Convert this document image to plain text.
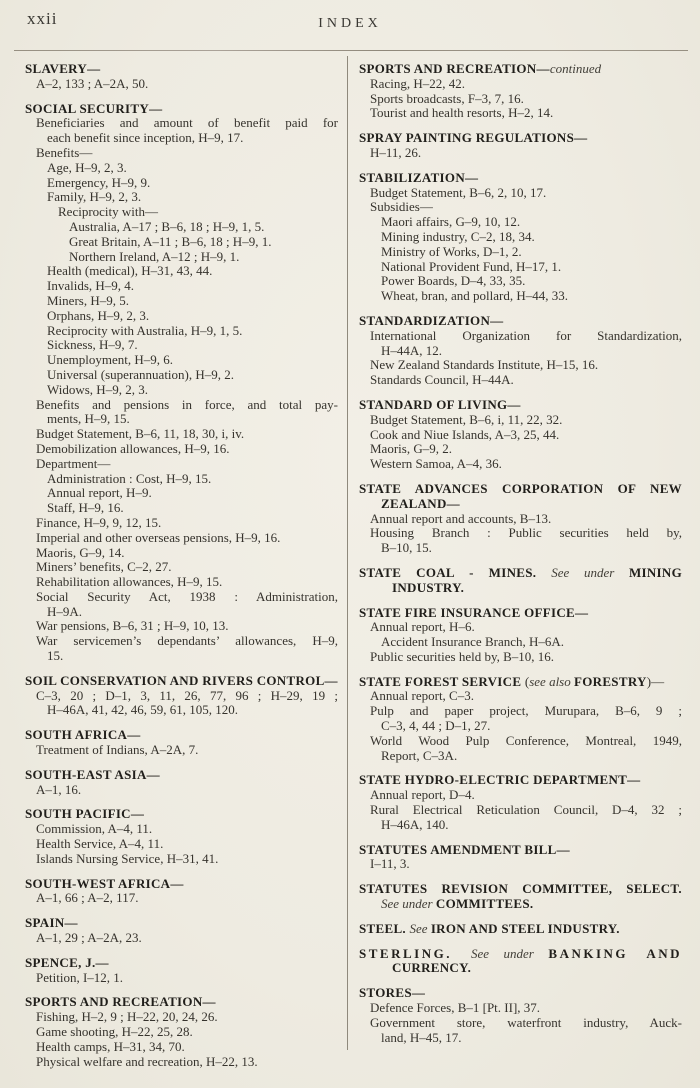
xxii	INDEX
SLAVERY—
A–2, 133 ; A–2A, 50.
SOCIAL SECURITY—
Beneficiaries and amount of benefit paid for
each benefit since inception, H–9, 17.
Benefits—
Age, H–9, 2, 3.
Emergency, H–9, 9.
Family, H–9, 2, 3.
Reciprocity with—
Australia, A–17 ; B–6, 18 ; H–9, 1, 5.
Great Britain, A–11 ; B–6, 18 ; H–9, 1.
Northern Ireland, A–12 ; H–9, 1.
Health (medical), H–31, 43, 44.
Invalids, H–9, 4.
Miners, H–9, 5.
Orphans, H–9, 2, 3.
Reciprocity with Australia, H–9, 1, 5.
Sickness, H–9, 7.
Unemployment, H–9, 6.
Universal (superannuation), H–9, 2.
Widows, H–9, 2, 3.
Benefits and pensions in force, and total pay-
ments, H–9, 15.
Budget Statement, B–6, 11, 18, 30, i, iv.
Demobilization allowances, H–9, 16.
Department—
Administration : Cost, H–9, 15.
Annual report, H–9.
Staff, H–9, 16.
Finance, H–9, 9, 12, 15.
Imperial and other overseas pensions, H–9, 16.
Maoris, G–9, 14.
Miners’ benefits, C–2, 27.
Rehabilitation allowances, H–9, 15.
Social Security Act, 1938 : Administration,
H–9A.
War pensions, B–6, 31 ; H–9, 10, 13.
War servicemen’s dependants’ allowances, H–9,
15.
SOIL CONSERVATION AND RIVERS CONTROL—
C–3, 20 ; D–1, 3, 11, 26, 77, 96 ; H–29, 19 ;
H–46A, 41, 42, 46, 59, 61, 105, 120.
SOUTH AFRICA—
Treatment of Indians, A–2A, 7.
SOUTH-EAST ASIA—
A–1, 16.
SOUTH PACIFIC—
Commission, A–4, 11.
Health Service, A–4, 11.
Islands Nursing Service, H–31, 41.
SOUTH-WEST AFRICA—
A–1, 66 ; A–2, 117.
SPAIN—
A–1, 29 ; A–2A, 23.
SPENCE, J.—
Petition, I–12, 1.
SPORTS AND RECREATION—
Fishing, H–2, 9 ; H–22, 20, 24, 26.
Game shooting, H–22, 25, 28.
Health camps, H–31, 34, 70.
Physical welfare and recreation, H–22, 13.
SPORTS AND RECREATION—continued
Racing, H–22, 42.
Sports broadcasts, F–3, 7, 16.
Tourist and health resorts, H–2, 14.
SPRAY PAINTING REGULATIONS—
H–11, 26.
STABILIZATION—
Budget Statement, B–6, 2, 10, 17.
Subsidies—
Maori affairs, G–9, 10, 12.
Mining industry, C–2, 18, 34.
Ministry of Works, D–1, 2.
National Provident Fund, H–17, 1.
Power Boards, D–4, 33, 35.
Wheat, bran, and pollard, H–44, 33.
STANDARDIZATION—
International Organization for Standardization,
H–44A, 12.
New Zealand Standards Institute, H–15, 16.
Standards Council, H–44A.
STANDARD OF LIVING—
Budget Statement, B–6, i, 11, 22, 32.
Cook and Niue Islands, A–3, 25, 44.
Maoris, G–9, 2.
Western Samoa, A–4, 36.
STATE ADVANCES CORPORATION OF NEW
ZEALAND—
Annual report and accounts, B–13.
Housing Branch : Public securities held by,
B–10, 15.
STATE COAL - MINES. See under MINING
INDUSTRY.
STATE FIRE INSURANCE OFFICE—
Annual report, H–6.
Accident Insurance Branch, H–6A.
Public securities held by, B–10, 16.
STATE FOREST SERVICE (see also FORESTRY)—
Annual report, C–3.
Pulp and paper project, Murupara, B–6, 9 ;
C–3, 4, 44 ; D–1, 27.
World Wood Pulp Conference, Montreal, 1949,
Report, C–3A.
STATE HYDRO-ELECTRIC DEPARTMENT—
Annual report, D–4.
Rural Electrical Reticulation Council, D–4, 32 ;
H–46A, 140.
STATUTES AMENDMENT BILL—
I–11, 3.
STATUTES REVISION COMMITTEE, SELECT.
See under COMMITTEES.
STEEL. See IRON AND STEEL INDUSTRY.
STERLING. See under BANKING AND
CURRENCY.
STORES—
Defence Forces, B–1 [Pt. II], 37.
Government store, waterfront industry, Auck-
land, H–45, 17.
